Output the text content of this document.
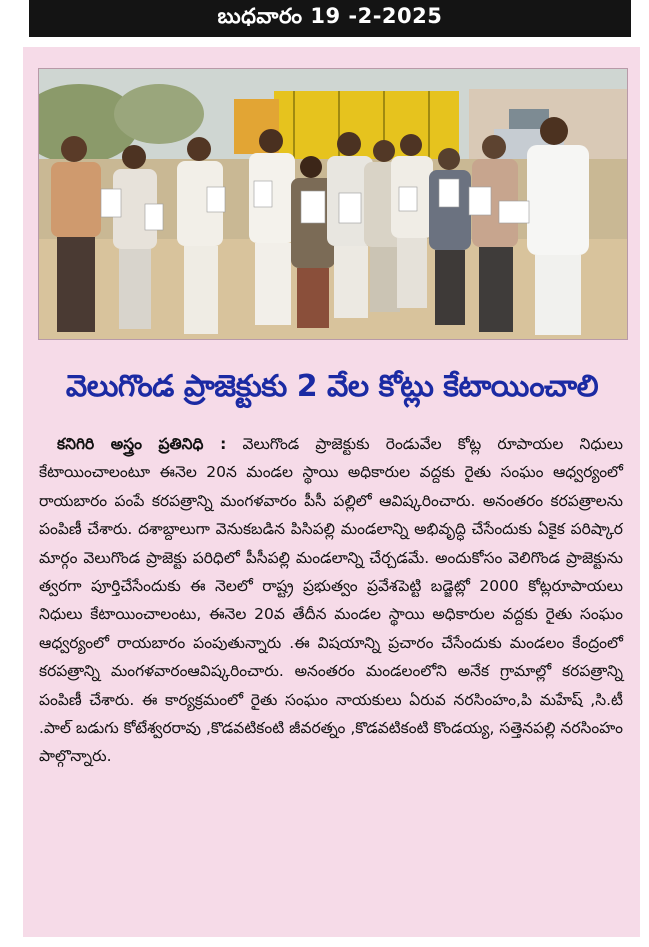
బుధవారం 19 -2-2025
వెలుగొండ ప్రాజెక్టుకు 2 వేల కోట్లు కేటాయించాలి
కనిగిరి అస్త్రం ప్రతినిధి : వెలుగొండ ప్రాజెక్టుకు రెండువేల కోట్ల రూపాయల నిధులు కేటాయించాలంటూ ఈనెల 20న మండల స్థాయి అధికారుల వద్దకు రైతు సంఘం ఆధ్వర్యంలో రాయబారం పంపే కరపత్రాన్ని మంగళవారం పీసీ పల్లిలో ఆవిష్కరించారు. అనంతరం కరపత్రాలను పంపిణీ చేశారు. దశాబ్దాలుగా వెనుకబడిన పిసిపల్లి మండలాన్ని అభివృద్ధి చేసేందుకు ఏకైక పరిష్కార మార్గం వెలుగొండ ప్రాజెక్టు పరిధిలో పీసీపల్లి మండలాన్ని చేర్చడమే. అందుకోసం వెలిగొండ ప్రాజెక్టును త్వరగా పూర్తిచేసేందుకు ఈ నెలలో రాష్ట్ర ప్రభుత్వం ప్రవేశపెట్టి బడ్జెట్లో 2000 కోట్లరూపాయలు నిధులు కేటాయించాలంటు, ఈనెల 20వ తేదీన మండల స్థాయి అధికారుల వద్దకు రైతు సంఘం ఆధ్వర్యంలో రాయబారం పంపుతున్నారు .ఈ విషయాన్ని ప్రచారం చేసేందుకు మండలం కేంద్రంలో కరపత్రాన్ని మంగళవారంఆవిష్కరించారు. అనంతరం మండలంలోని అనేక గ్రామాల్లో కరపత్రాన్ని పంపిణీ చేశారు. ఈ కార్యక్రమంలో రైతు సంఘం నాయకులు ఏరువ నరసింహం,పి మహేష్ ,సి.టీ .పాల్ బడుగు కోటేశ్వరరావు ,కొడవటికంటి జీవరత్నం ,కొడవటికంటి కొండయ్య, సత్తెనపల్లి నరసింహం పాల్గొన్నారు.
